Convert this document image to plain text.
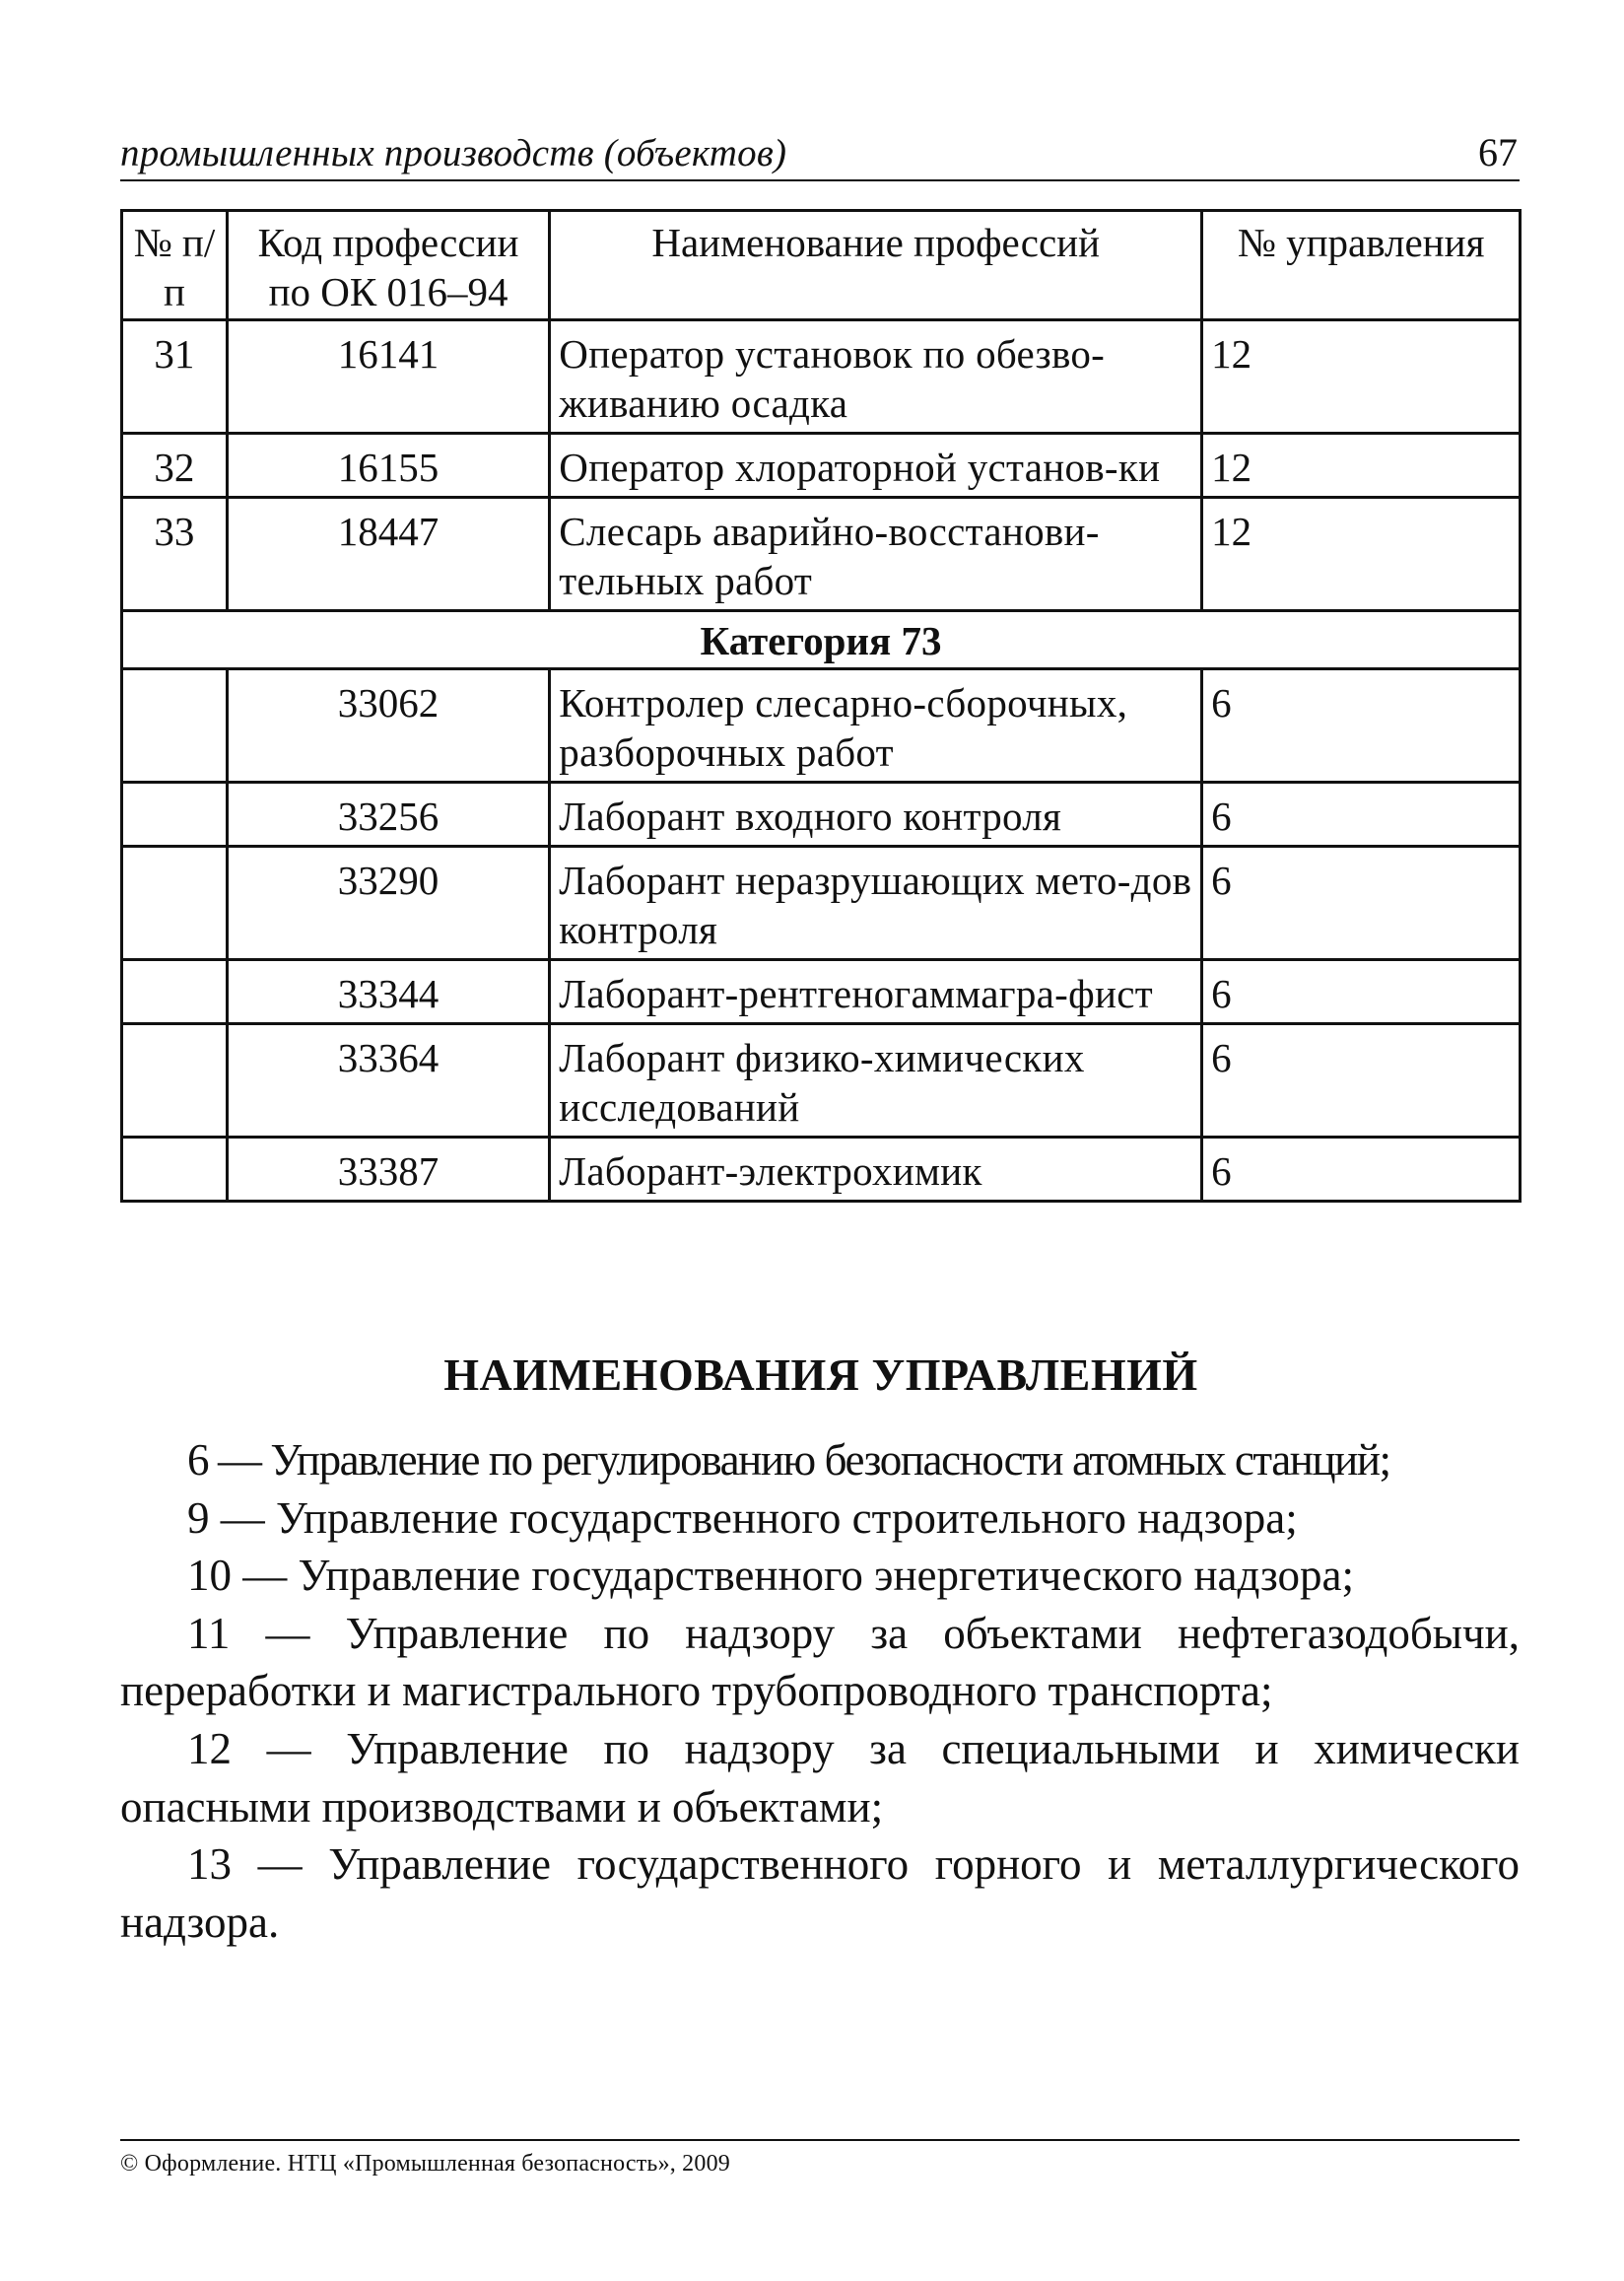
промышленных производств (объектов)	67
№ п/п	Код профессии по ОК 016–94	Наименование профессий	№ управления
31	16141	Оператор установок по обезво-живанию осадка	12
32	16155	Оператор хлораторной установ-ки	12
33	18447	Слесарь аварийно-восстанови-тельных работ	12
Категория 73			
	33062	Контролер слесарно-сборочных, разборочных работ	6
	33256	Лаборант входного контроля	6
	33290	Лаборант неразрушающих мето-дов контроля	6
	33344	Лаборант-рентгеногаммагра-фист	6
	33364	Лаборант физико-химических исследований	6
	33387	Лаборант-электрохимик	6
НАИМЕНОВАНИЯ УПРАВЛЕНИЙ

6 — Управление по регулированию безопасности атомных станций;

9 — Управление государственного строительного надзора;

10 — Управление государственного энергетического надзора;

11 — Управление по надзору за объектами нефтегазодобычи, переработки и магистрального трубопроводного транспорта;

12 — Управление по надзору за специальными и химически опасными производствами и объектами;

13 — Управление государственного горного и металлургического надзора.

© Оформление. НТЦ «Промышленная безопасность», 2009
